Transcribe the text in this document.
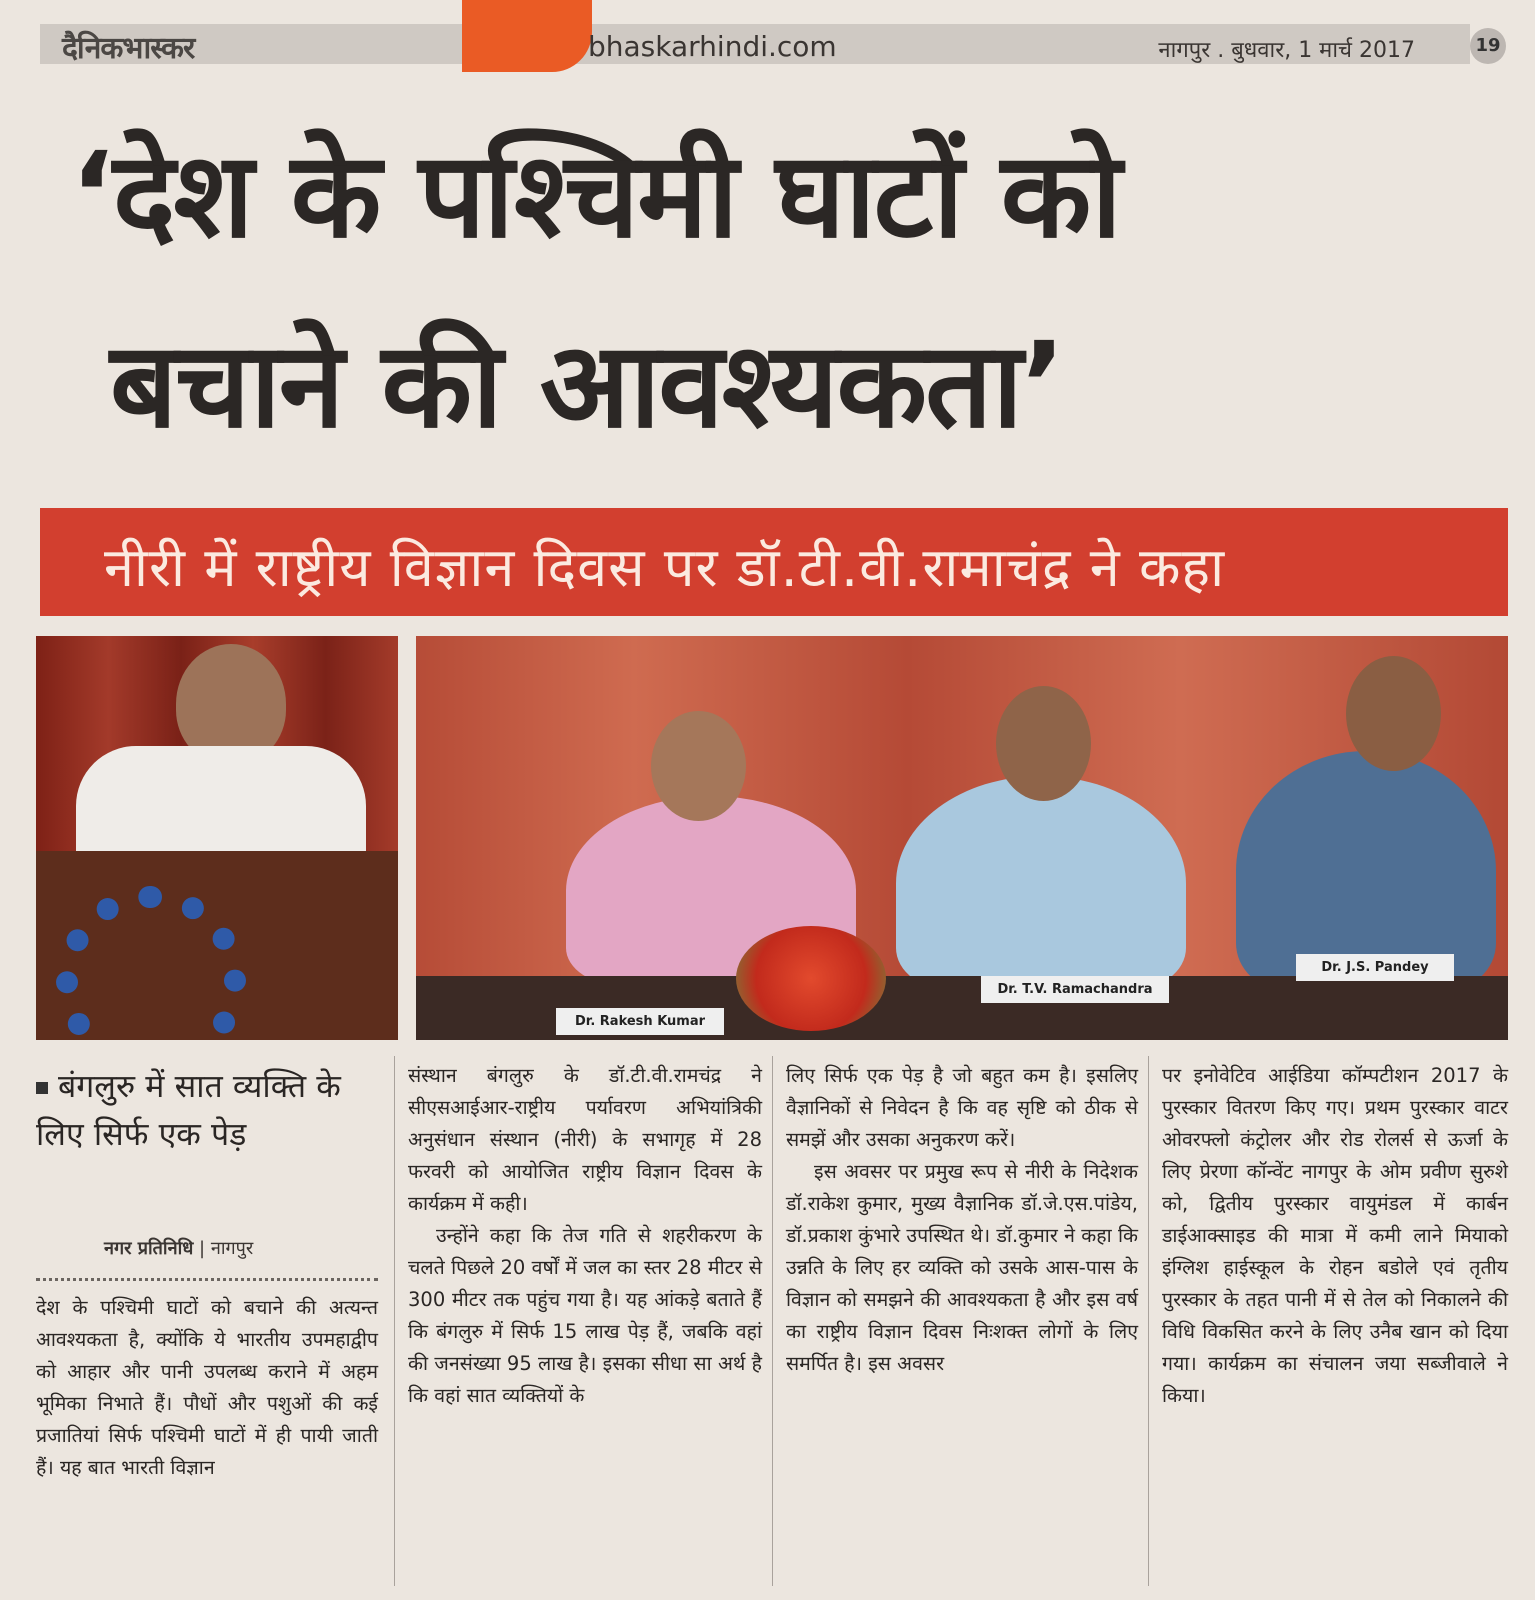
दैनिकभास्कर	bhaskarhindi.com	नागपुर . बुधवार, 1 मार्च 2017	19
‘देश के पश्चिमी घाटों को
बचाने की आवश्यकता’
नीरी में राष्ट्रीय विज्ञान दिवस पर डॉ.टी.वी.रामाचंद्र ने कहा
Dr. Rakesh Kumar
Dr. T.V. Ramachandra
Dr. J.S. Pandey
बंगलुरु में सात व्यक्ति के लिए सिर्फ एक पेड़
नगर प्रतिनिधि | नागपुर

देश के पश्चिमी घाटों को बचाने की अत्यन्त आवश्यकता है, क्योंकि ये भारतीय उपमहाद्वीप को आहार और पानी उपलब्ध कराने में अहम भूमिका निभाते हैं। पौधों और पशुओं की कई प्रजातियां सिर्फ पश्चिमी घाटों में ही पायी जाती हैं। यह बात भारती विज्ञान

संस्थान बंगलुरु के डॉ.टी.वी.रामचंद्र ने सीएसआईआर-राष्ट्रीय पर्यावरण अभियांत्रिकी अनुसंधान संस्थान (नीरी) के सभागृह में 28 फरवरी को आयोजित राष्ट्रीय विज्ञान दिवस के कार्यक्रम में कही।

उन्होंने कहा कि तेज गति से शहरीकरण के चलते पिछले 20 वर्षों में जल का स्तर 28 मीटर से 300 मीटर तक पहुंच गया है। यह आंकड़े बताते हैं कि बंगलुरु में सिर्फ 15 लाख पेड़ हैं, जबकि वहां की जनसंख्या 95 लाख है। इसका सीधा सा अर्थ है कि वहां सात व्यक्तियों के

लिए सिर्फ एक पेड़ है जो बहुत कम है। इसलिए वैज्ञानिकों से निवेदन है कि वह सृष्टि को ठीक से समझें और उसका अनुकरण करें।

इस अवसर पर प्रमुख रूप से नीरी के निदेशक डॉ.राकेश कुमार, मुख्य वैज्ञानिक डॉ.जे.एस.पांडेय, डॉ.प्रकाश कुंभारे उपस्थित थे। डॉ.कुमार ने कहा कि उन्नति के लिए हर व्यक्ति को उसके आस-पास के विज्ञान को समझने की आवश्यकता है और इस वर्ष का राष्ट्रीय विज्ञान दिवस निःशक्त लोगों के लिए समर्पित है। इस अवसर

पर इनोवेटिव आईडिया कॉम्पटीशन 2017 के पुरस्कार वितरण किए गए। प्रथम पुरस्कार वाटर ओवरफ्लो कंट्रोलर और रोड रोलर्स से ऊर्जा के लिए प्रेरणा कॉन्वेंट नागपुर के ओम प्रवीण सुरुशे को, द्वितीय पुरस्कार वायुमंडल में कार्बन डाईआक्साइड की मात्रा में कमी लाने मियाको इंग्लिश हाईस्कूल के रोहन बडोले एवं तृतीय पुरस्कार के तहत पानी में से तेल को निकालने की विधि विकसित करने के लिए उनैब खान को दिया गया। कार्यक्रम का संचालन जया सब्जीवाले ने किया।
